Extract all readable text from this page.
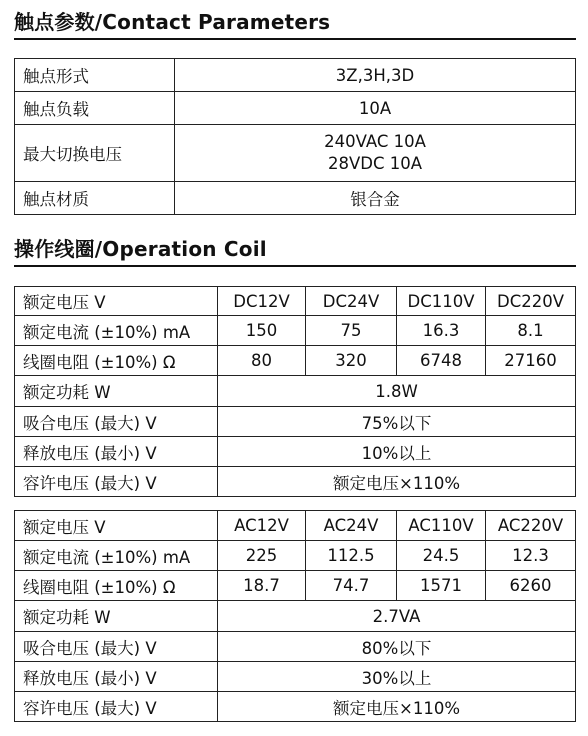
触点参数/Contact Parameters
触点形式	3Z,3H,3D
触点负载	10A
最大切换电压	240VAC 10A
28VDC 10A

触点材质	银合金
操作线圈/Operation Coil
额定电压 V	DC12V	DC24V	DC110V	DC220V
额定电流 (±10%) mA	150	75	16.3	8.1
线圈电阻 (±10%) Ω	80	320	6748	27160
额定功耗 W	1.8W			
吸合电压 (最大) V	75%以下			
释放电压 (最小) V	10%以上			
容许电压 (最大) V	额定电压×110%			
额定电压 V	AC12V	AC24V	AC110V	AC220V
额定电流 (±10%) mA	225	112.5	24.5	12.3
线圈电阻 (±10%) Ω	18.7	74.7	1571	6260
额定功耗 W	2.7VA			
吸合电压 (最大) V	80%以下			
释放电压 (最小) V	30%以上			
容许电压 (最大) V	额定电压×110%			
